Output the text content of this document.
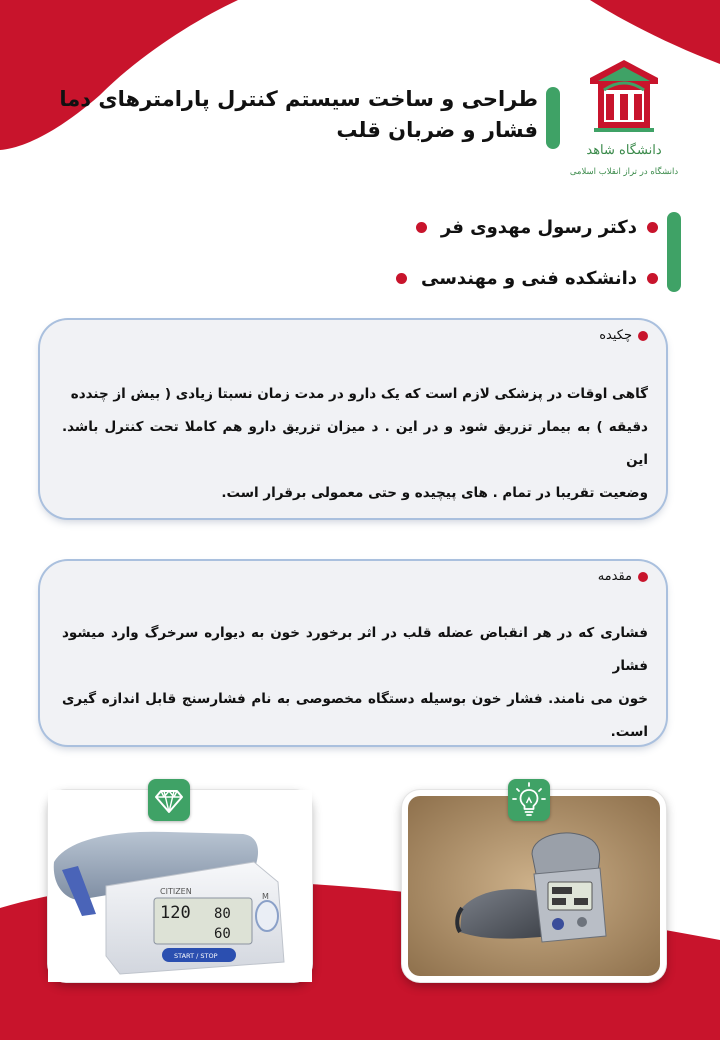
دانشگاه شاهد
دانشگاه در تراز انقلاب اسلامی
طراحی و ساخت سیستم کنترل پارامترهای دما
فشار و ضربان قلب
دکتر رسول مهدوی فر
دانشکده فنی و مهندسی
چکیده
گاهی اوقات در پزشکی لازم است که یک دارو در مدت زمان نسبتا زیادی ( بیش از چندده
دقیقه ) به بیمار تزریق شود و در این . د میزان تزریق دارو هم کاملا تحت کنترل باشد. این
وضعیت تقریبا در تمام . های پیچیده و حتی معمولی برقرار است.
مقدمه
فشاری که در هر انقباض عضله قلب در اثر برخورد خون به دیواره سرخرگ وارد میشود فشار
خون می نامند. فشار خون بوسیله دستگاه مخصوصی به نام فشارسنج قابل اندازه گیری است.
CITIZEN
120 80
60
START / STOP
M
